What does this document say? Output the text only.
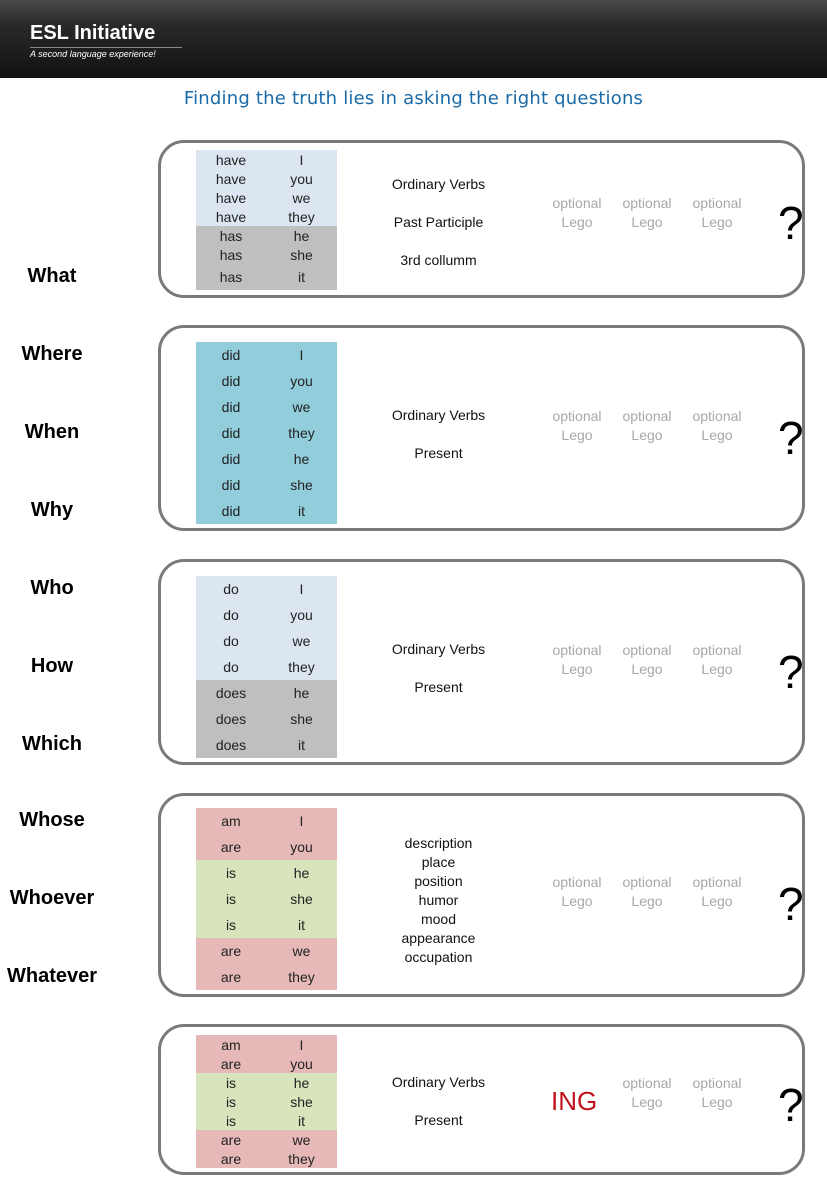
ESL Initiative
A second language experience!
Finding the truth lies in asking the right questions
What
Where
When
Why
Who
How
Which
Whose
Whoever
Whatever
have	I
have	you
have	we
have	they
has	he
has	she
has	it
Ordinary Verbs
Past Participle
3rd collumm
optional
Lego
optional
Lego
optional
Lego ?
did	I
did	you
did	we
did	they
did	he
did	she
did	it
Ordinary Verbs
Present
optional
Lego
optional
Lego
optional
Lego ?
do	I
do	you
do	we
do	they
does	he
does	she
does	it
Ordinary Verbs
Present
optional
Lego
optional
Lego
optional
Lego ?
am	I
are	you
is	he
is	she
is	it
are	we
are	they
description
place
position
humor
mood
appearance
occupation
optional
Lego
optional
Lego
optional
Lego ?
am	I
are	you
is	he
is	she
is	it
are	we
are	they
Ordinary Verbs
Present
ING
optional
Lego
optional
Lego ?
